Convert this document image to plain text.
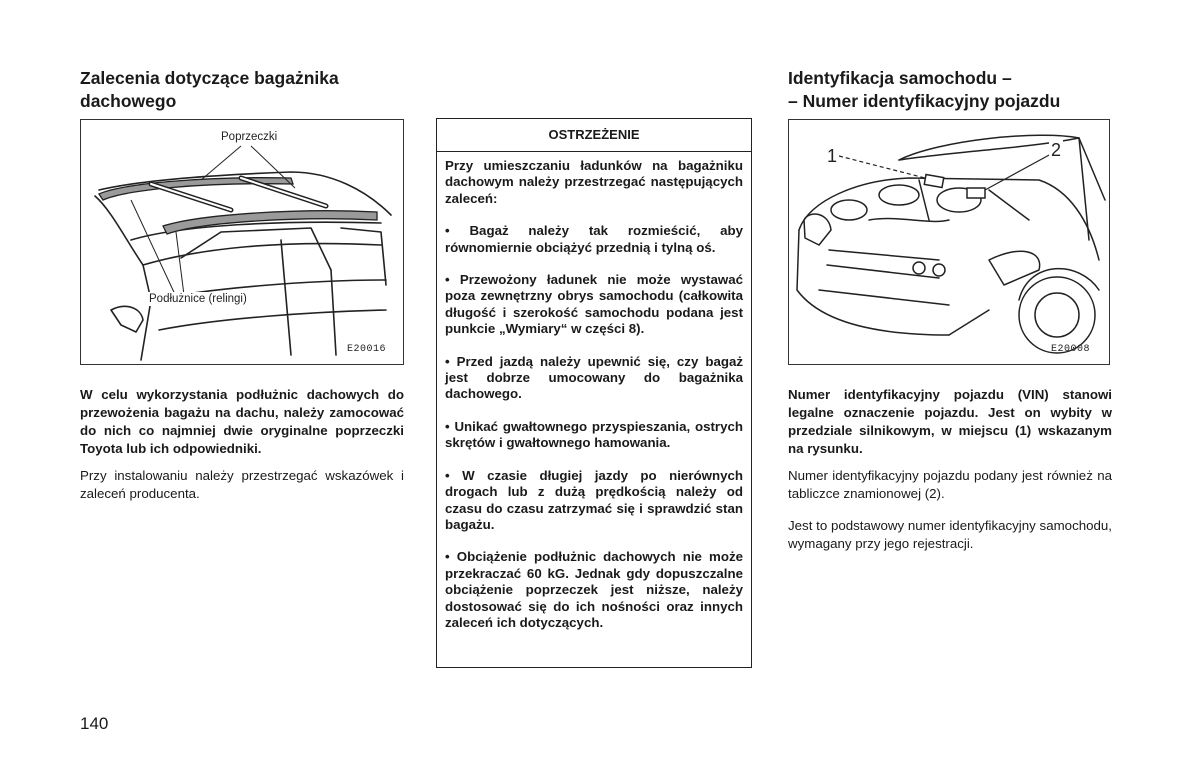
Zalecenia dotyczące bagażnika dachowego
Poprzeczki
Podłużnice (relingi)
E20016

W celu wykorzystania podłużnic dachowych do przewożenia bagażu na dachu, należy zamocować do nich co najmniej dwie oryginalne poprzeczki Toyota lub ich odpowiedniki.

Przy instalowaniu należy przestrzegać wskazówek i zaleceń producenta.

OSTRZEŻENIE

Przy umieszczaniu ładunków na bagażniku dachowym należy przestrzegać następujących zaleceń:

• Bagaż należy tak rozmieścić, aby równomiernie obciążyć przednią i tylną oś.

• Przewożony ładunek nie może wystawać poza zewnętrzny obrys samochodu (całkowita długość i szerokość samochodu podana jest punkcie „Wymiary“ w części 8).

• Przed jazdą należy upewnić się, czy bagaż jest dobrze umocowany do bagażnika dachowego.

• Unikać gwałtownego przyspieszania, ostrych skrętów i gwałtownego hamowania.

• W czasie długiej jazdy po nierównych drogach lub z dużą prędkością należy od czasu do czasu zatrzymać się i sprawdzić stan bagażu.

• Obciążenie podłużnic dachowych nie może przekraczać 60 kG. Jednak gdy dopuszczalne obciążenie poprzeczek jest niższe, należy dostosować się do ich nośności oraz innych zaleceń ich dotyczących.

Identyfikacja samochodu –
– Numer identyfikacyjny pojazdu
1	2
E20008

Numer identyfikacyjny pojazdu (VIN) stanowi legalne oznaczenie pojazdu. Jest on wybity w przedziale silnikowym, w miejscu (1) wskazanym na rysunku.

Numer identyfikacyjny pojazdu podany jest również na tabliczce znamionowej (2).

Jest to podstawowy numer identyfikacyjny samochodu, wymagany przy jego rejestracji.

140
